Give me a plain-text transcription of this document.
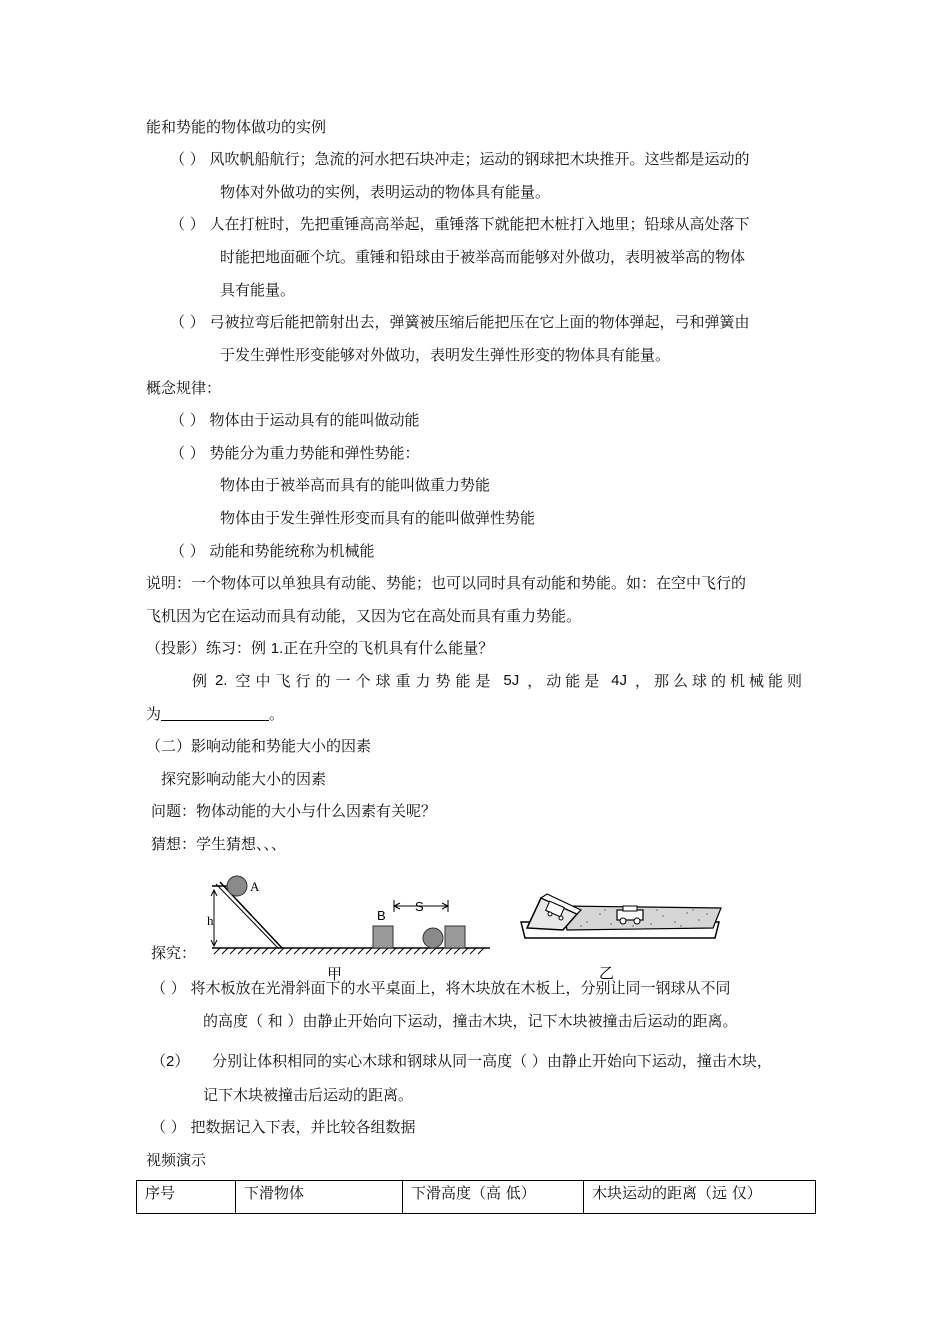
能和势能的物体做功的实例
（ ） 风吹帆船航行；急流的河水把石块冲走；运动的钢球把木块推开。这些都是运动的
物体对外做功的实例，表明运动的物体具有能量。
（ ） 人在打桩时，先把重锤高高举起，重锤落下就能把木桩打入地里；铅球从高处落下
时能把地面砸个坑。重锤和铅球由于被举高而能够对外做功，表明被举高的物体
具有能量。
（ ） 弓被拉弯后能把箭射出去，弹簧被压缩后能把压在它上面的物体弹起，弓和弹簧由
于发生弹性形变能够对外做功，表明发生弹性形变的物体具有能量。
概念规律：
（ ） 物体由于运动具有的能叫做动能
（ ） 势能分为重力势能和弹性势能：
物体由于被举高而具有的能叫做重力势能
物体由于发生弹性形变而具有的能叫做弹性势能
（ ） 动能和势能统称为机械能
说明：一个物体可以单独具有动能、势能；也可以同时具有动能和势能。如：在空中飞行的
飞机因为它在运动而具有动能，又因为它在高处而具有重力势能。
（投影）练习：例 1.正在升空的飞机具有什么能量？
例 2. 空中飞行的一个球重力势能是 5J ，动能是 4J ，那么球的机械能则
为	。
（二）影响动能和势能大小的因素
探究影响动能大小的因素
问题：物体动能的大小与什么因素有关呢？
猜想：学生猜想、、、
探究：
A
h	B
S
甲	乙
（ ） 将木板放在光滑斜面下的水平桌面上，将木块放在木板上，分别让同一钢球从不同
的高度（ 和 ）由静止开始向下运动，撞击木块，记下木块被撞击后运动的距离。
（2） 分别让体积相同的实心木球和钢球从同一高度（ ）由静止开始向下运动，撞击木块，
记下木块被撞击后运动的距离。
（ ） 把数据记入下表，并比较各组数据
视频演示
序号	下滑物体	下滑高度（高 低）	木块运动的距离（远 仅）
